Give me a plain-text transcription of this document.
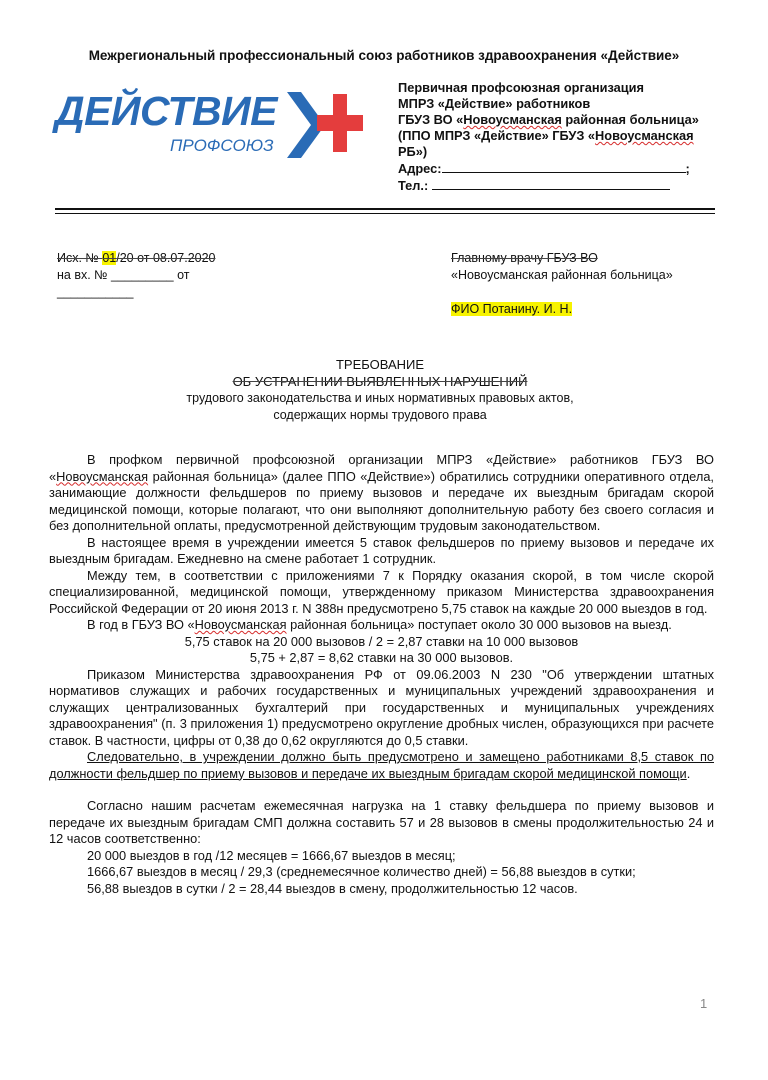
Межрегиональный профессиональный союз работников здравоохранения «Действие»
ДЕЙСТВИЕ
ПРОФСОЮЗ
Первичная профсоюзная организация
МПРЗ «Действие» работников
ГБУЗ ВО «Новоусманская районная больница»
(ППО МПРЗ «Действие» ГБУЗ «Новоусманская
РБ»)
Адрес:	;
Тел.:
Исх. № 01/20 от 08.07.2020
на вх. № _________ от
___________
Главному врачу ГБУЗ ВО
«Новоусманская районная больница»
ФИО Потанину. И. Н.
ТРЕБОВАНИЕ
ОБ УСТРАНЕНИИ ВЫЯВЛЕННЫХ НАРУШЕНИЙ
трудового законодательства и иных нормативных правовых актов,
содержащих нормы трудового права

В профком первичной профсоюзной организации МПРЗ «Действие» работников ГБУЗ ВО «Новоусманская районная больница» (далее ППО «Действие») обратились сотрудники оперативного отдела, занимающие должности фельдшеров по приему вызовов и передаче их выездным бригадам скорой медицинской помощи, которые полагают, что они выполняют дополнительную работу без своего согласия и без дополнительной оплаты, предусмотренной действующим трудовым законодательством.

В настоящее время в учреждении имеется 5 ставок фельдшеров по приему вызовов и передаче их выездным бригадам. Ежедневно на смене работает 1 сотрудник.

Между тем, в соответствии с приложениями 7 к Порядку оказания скорой, в том числе скорой специализированной, медицинской помощи, утвержденному приказом Министерства здравоохранения Российской Федерации от 20 июня 2013 г. N 388н предусмотрено 5,75 ставок на каждые 20 000 выездов в год.

В год в ГБУЗ ВО «Новоусманская районная больница» поступает около 30 000 вызовов на выезд.

5,75 ставок на 20 000 вызовов / 2 = 2,87 ставки на 10 000 вызовов

5,75 + 2,87 = 8,62 ставки на 30 000 вызовов.

Приказом Министерства здравоохранения РФ от 09.06.2003 N 230 "Об утверждении штатных нормативов служащих и рабочих государственных и муниципальных учреждений здравоохранения и служащих централизованных бухгалтерий при государственных и муниципальных учреждениях здравоохранения" (п. 3 приложения 1) предусмотрено округление дробных числен, образующихся при расчете ставок. В частности, цифры от 0,38 до 0,62 округляются до 0,5 ставки.

Следовательно, в учреждении должно быть предусмотрено и замещено работниками 8,5 ставок по должности фельдшер по приему вызовов и передаче их выездным бригадам скорой медицинской помощи.

Согласно нашим расчетам ежемесячная нагрузка на 1 ставку фельдшера по приему вызовов и передаче их выездным бригадам СМП должна составить 57 и 28 вызовов в смены продолжительностью 24 и 12 часов соответственно:

20 000 выездов в год /12 месяцев = 1666,67 выездов в месяц;

1666,67 выездов в месяц / 29,3 (среднемесячное количество дней) = 56,88 выездов в сутки;

56,88 выездов в сутки / 2 = 28,44 выездов в смену, продолжительностью 12 часов.

1
